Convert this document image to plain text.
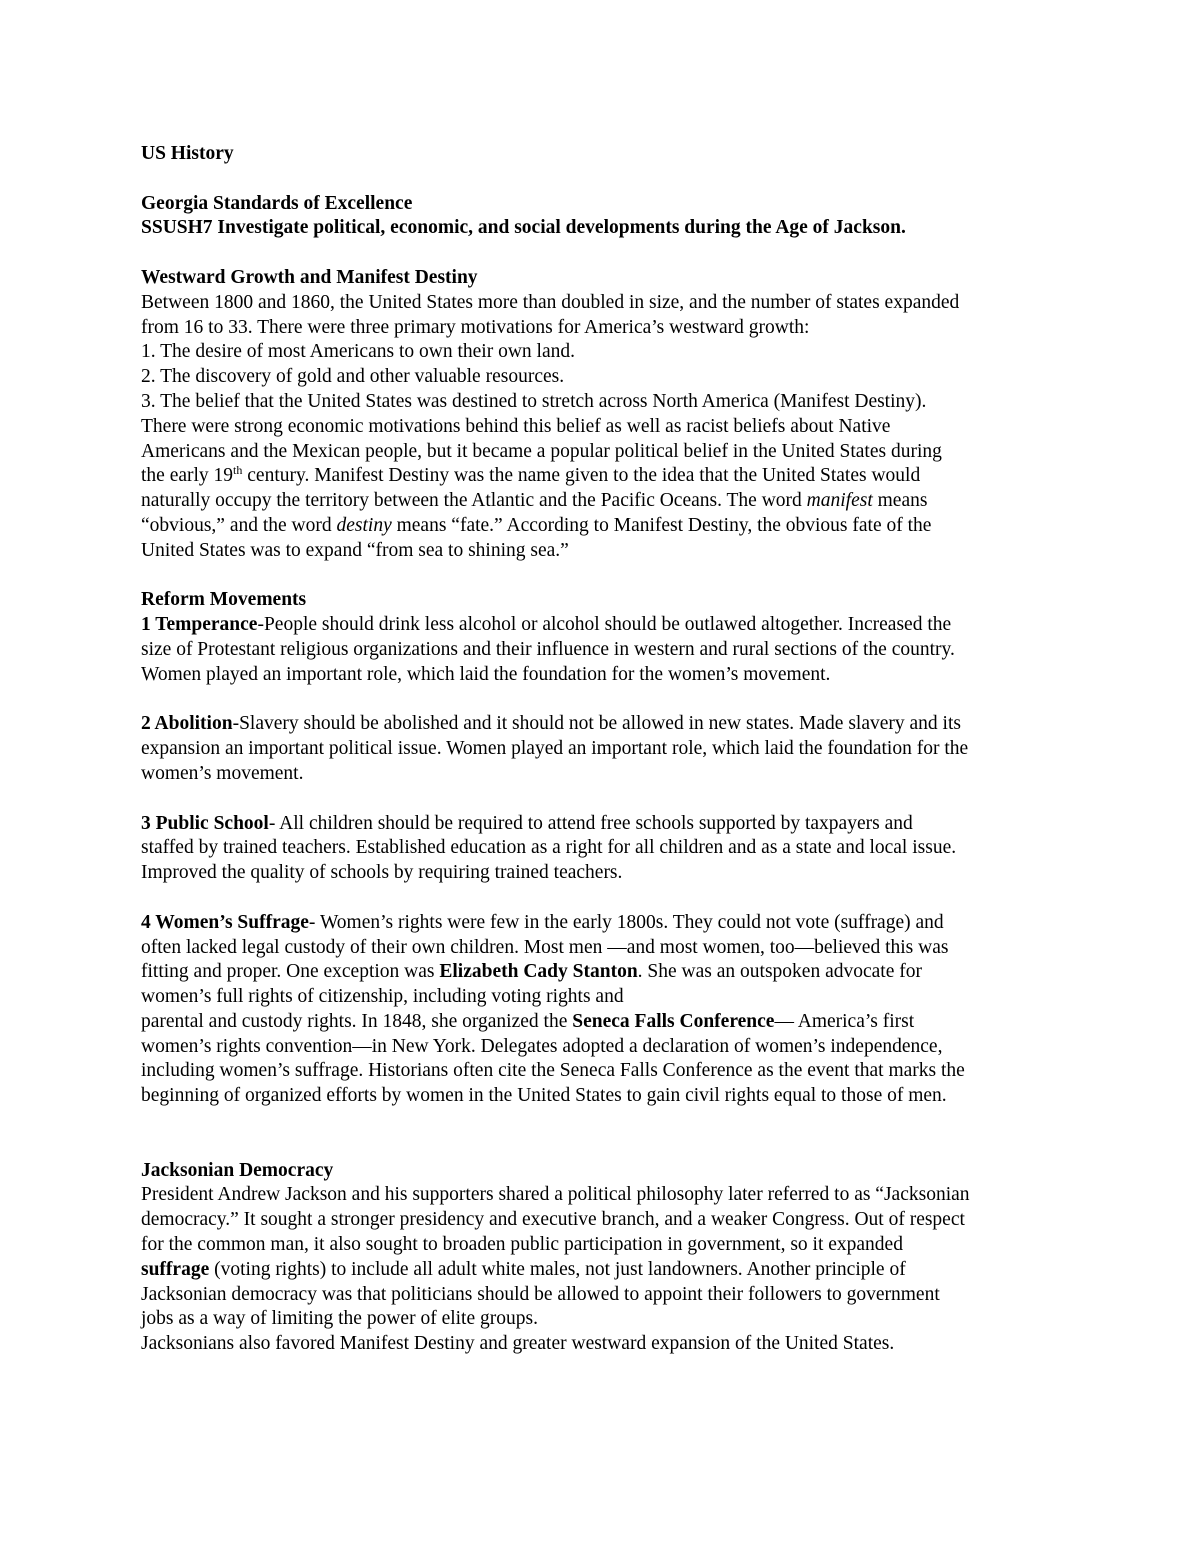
US History

Georgia Standards of Excellence

SSUSH7 Investigate political, economic, and social developments during the Age of Jackson.

Westward Growth and Manifest Destiny

Between 1800 and 1860, the United States more than doubled in size, and the number of states expanded

from 16 to 33. There were three primary motivations for America’s westward growth:

1. The desire of most Americans to own their own land.

2. The discovery of gold and other valuable resources.

3. The belief that the United States was destined to stretch across North America (Manifest Destiny).

There were strong economic motivations behind this belief as well as racist beliefs about Native

Americans and the Mexican people, but it became a popular political belief in the United States during

the early 19th century. Manifest Destiny was the name given to the idea that the United States would

naturally occupy the territory between the Atlantic and the Pacific Oceans. The word manifest means

“obvious,” and the word destiny means “fate.” According to Manifest Destiny, the obvious fate of the

United States was to expand “from sea to shining sea.”

Reform Movements

1 Temperance-People should drink less alcohol or alcohol should be outlawed altogether. Increased the

size of Protestant religious organizations and their influence in western and rural sections of the country.

Women played an important role, which laid the foundation for the women’s movement.

2 Abolition-Slavery should be abolished and it should not be allowed in new states. Made slavery and its

expansion an important political issue. Women played an important role, which laid the foundation for the

women’s movement.

3 Public School- All children should be required to attend free schools supported by taxpayers and

staffed by trained teachers. Established education as a right for all children and as a state and local issue.

Improved the quality of schools by requiring trained teachers.

4 Women’s Suffrage- Women’s rights were few in the early 1800s. They could not vote (suffrage) and

often lacked legal custody of their own children. Most men —and most women, too—believed this was

fitting and proper. One exception was Elizabeth Cady Stanton. She was an outspoken advocate for

women’s full rights of citizenship, including voting rights and

parental and custody rights. In 1848, she organized the Seneca Falls Conference— America’s first

women’s rights convention—in New York. Delegates adopted a declaration of women’s independence,

including women’s suffrage. Historians often cite the Seneca Falls Conference as the event that marks the

beginning of organized efforts by women in the United States to gain civil rights equal to those of men.

Jacksonian Democracy

President Andrew Jackson and his supporters shared a political philosophy later referred to as “Jacksonian

democracy.” It sought a stronger presidency and executive branch, and a weaker Congress. Out of respect

for the common man, it also sought to broaden public participation in government, so it expanded

suffrage (voting rights) to include all adult white males, not just landowners. Another principle of

Jacksonian democracy was that politicians should be allowed to appoint their followers to government

jobs as a way of limiting the power of elite groups.

Jacksonians also favored Manifest Destiny and greater westward expansion of the United States.
